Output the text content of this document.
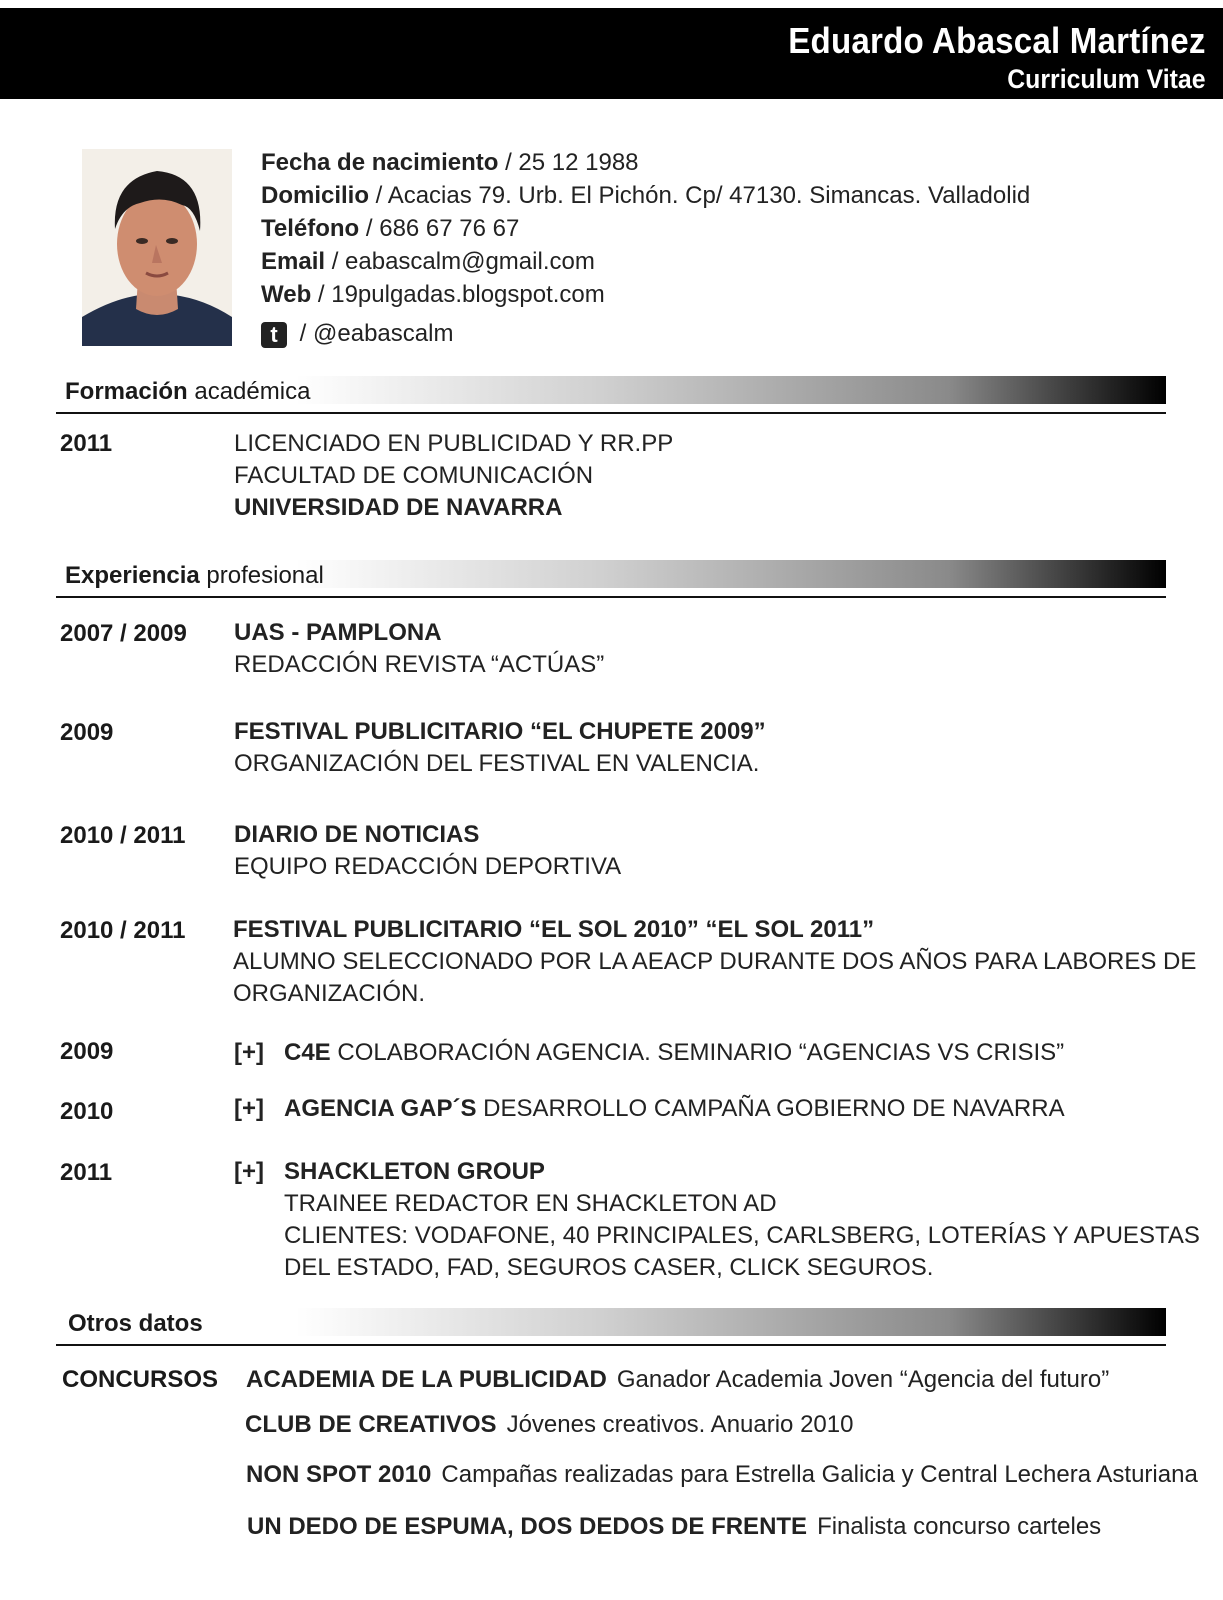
Eduardo Abascal Martínez
Curriculum Vitae
Fecha de nacimiento / 25 12 1988
Domicilio / Acacias 79. Urb. El Pichón. Cp/ 47130. Simancas. Valladolid
Teléfono / 686 67 76 67
Email / eabascalm@gmail.com
Web / 19pulgadas.blogspot.com
t / @eabascalm
Formación académica
2011	LICENCIADO EN PUBLICIDAD Y RR.PP
FACULTAD DE COMUNICACIÓN
UNIVERSIDAD DE NAVARRA
Experiencia profesional
2007 / 2009 UAS - PAMPLONA
REDACCIÓN REVISTA “ACTÚAS”
2009	FESTIVAL PUBLICITARIO “EL CHUPETE 2009”
ORGANIZACIÓN DEL FESTIVAL EN VALENCIA.
2010 / 2011 DIARIO DE NOTICIAS
EQUIPO REDACCIÓN DEPORTIVA
2010 / 2011 FESTIVAL PUBLICITARIO “EL SOL 2010” “EL SOL 2011”
ALUMNO SELECCIONADO POR LA AEACP DURANTE DOS AÑOS PARA LABORES DE
ORGANIZACIÓN.
2009	[+] C4E COLABORACIÓN AGENCIA. SEMINARIO “AGENCIAS VS CRISIS”
2010	[+] AGENCIA GAP´S DESARROLLO CAMPAÑA GOBIERNO DE NAVARRA
2011	[+] SHACKLETON GROUP
TRAINEE REDACTOR EN SHACKLETON AD
CLIENTES: VODAFONE, 40 PRINCIPALES, CARLSBERG, LOTERÍAS Y APUESTAS
DEL ESTADO, FAD, SEGUROS CASER, CLICK SEGUROS.
Otros datos
CONCURSOS ACADEMIA DE LA PUBLICIDAD Ganador Academia Joven “Agencia del futuro”
CLUB DE CREATIVOS Jóvenes creativos. Anuario 2010
NON SPOT 2010 Campañas realizadas para Estrella Galicia y Central Lechera Asturiana
UN DEDO DE ESPUMA, DOS DEDOS DE FRENTE Finalista concurso carteles
